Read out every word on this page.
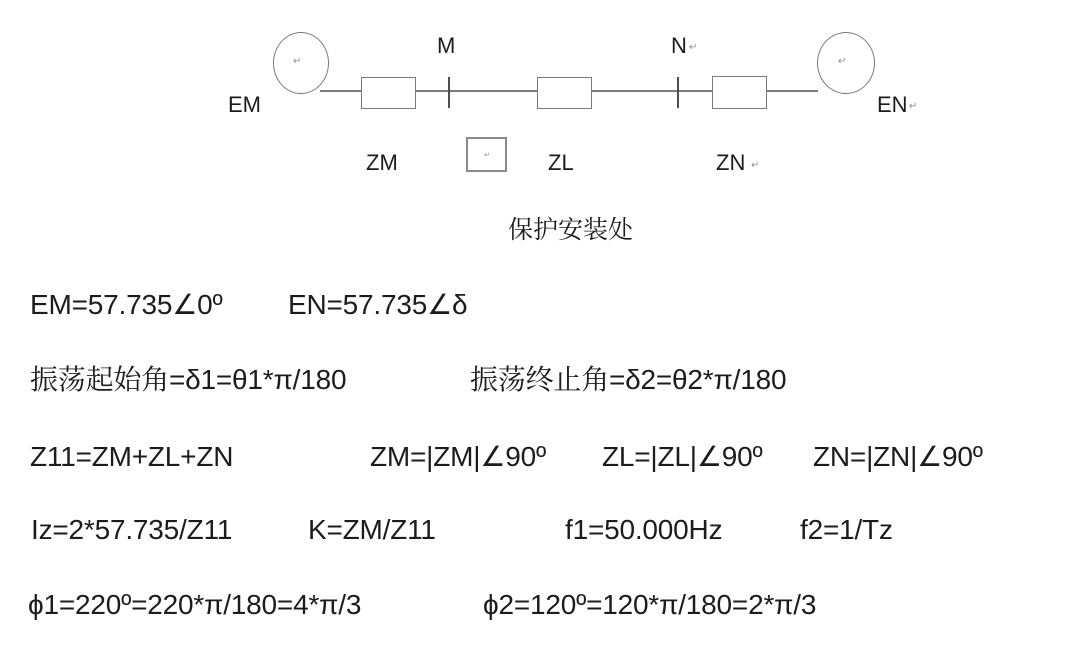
↵	↵
↵
EM
M	N ↵
EN ↵
ZM	ZL	ZN ↵
保护安装处
EM=57.735∠0º EN=57.735∠δ
振荡起始角=δ1=θ1*π/180	振荡终止角=δ2=θ2*π/180
Z11=ZM+ZL+ZN	ZM=|ZM|∠90º ZL=|ZL|∠90º ZN=|ZN|∠90º
Iz=2*57.735/Z11	K=ZM/Z11	f1=50.000Hz	f2=1/Tz
ϕ1=220º=220*π/180=4*π/3	ϕ2=120º=120*π/180=2*π/3
